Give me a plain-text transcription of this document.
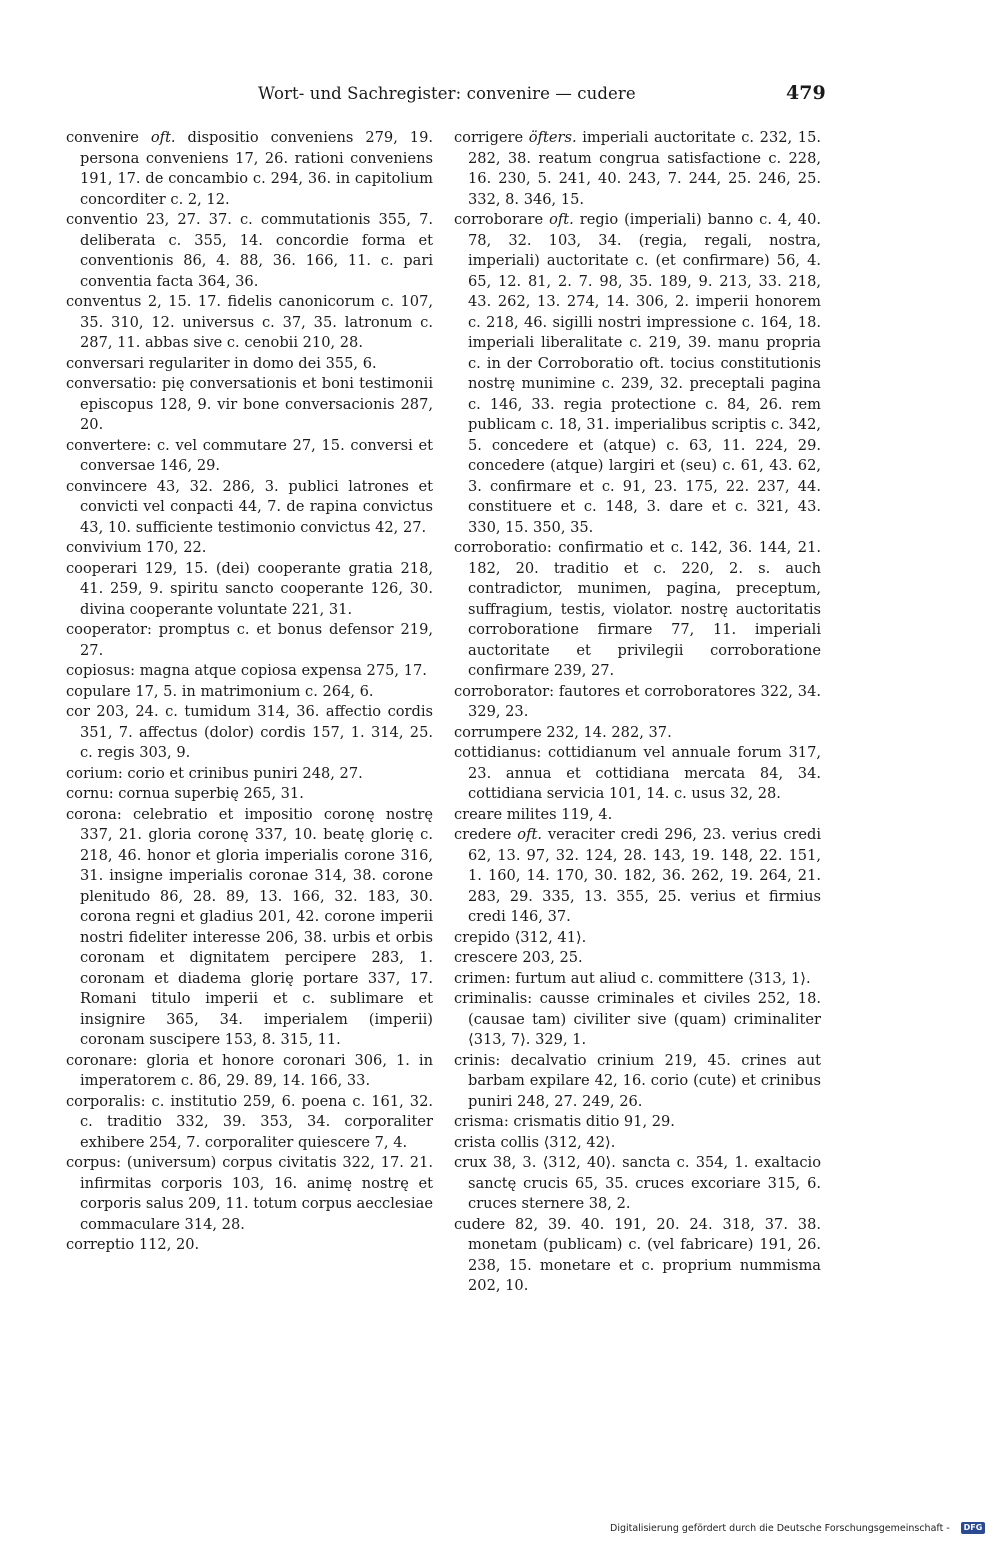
Wort- und Sachregister: convenire — cudere	479

convenire oft. dispositio conveniens 279, 19. persona conveniens 17, 26. rationi conveniens 191, 17. de concambio c. 294, 36. in capitolium concorditer c. 2, 12.

conventio 23, 27. 37. c. commutationis 355, 7. deliberata c. 355, 14. concordie forma et conventionis 86, 4. 88, 36. 166, 11. c. pari conventia facta 364, 36.

conventus 2, 15. 17. fidelis canonicorum c. 107, 35. 310, 12. universus c. 37, 35. latronum c. 287, 11. abbas sive c. cenobii 210, 28.

conversari regulariter in domo dei 355, 6.

conversatio: pię conversationis et boni testimonii episcopus 128, 9. vir bone conversacionis 287, 20.

convertere: c. vel commutare 27, 15. conversi et conversae 146, 29.

convincere 43, 32. 286, 3. publici latrones et convicti vel conpacti 44, 7. de rapina convictus 43, 10. sufficiente testimonio convictus 42, 27.

convivium 170, 22.

cooperari 129, 15. (dei) cooperante gratia 218, 41. 259, 9. spiritu sancto cooperante 126, 30. divina cooperante voluntate 221, 31.

cooperator: promptus c. et bonus defensor 219, 27.

copiosus: magna atque copiosa expensa 275, 17.

copulare 17, 5. in matrimonium c. 264, 6.

cor 203, 24. c. tumidum 314, 36. affectio cordis 351, 7. affectus (dolor) cordis 157, 1. 314, 25. c. regis 303, 9.

corium: corio et crinibus puniri 248, 27.

cornu: cornua superbię 265, 31.

corona: celebratio et impositio coronę nostrę 337, 21. gloria coronę 337, 10. beatę glorię c. 218, 46. honor et gloria imperialis corone 316, 31. insigne imperialis coronae 314, 38. corone plenitudo 86, 28. 89, 13. 166, 32. 183, 30. corona regni et gladius 201, 42. corone imperii nostri fideliter interesse 206, 38. urbis et orbis coronam et dignitatem percipere 283, 1. coronam et diadema glorię portare 337, 17. Romani titulo imperii et c. sublimare et insignire 365, 34. imperialem (imperii) coronam suscipere 153, 8. 315, 11.

coronare: gloria et honore coronari 306, 1. in imperatorem c. 86, 29. 89, 14. 166, 33.

corporalis: c. institutio 259, 6. poena c. 161, 32. c. traditio 332, 39. 353, 34. corporaliter exhibere 254, 7. corporaliter quiescere 7, 4.

corpus: (universum) corpus civitatis 322, 17. 21. infirmitas corporis 103, 16. animę nostrę et corporis salus 209, 11. totum corpus aecclesiae commaculare 314, 28.

correptio 112, 20.

corrigere öfters. imperiali auctoritate c. 232, 15. 282, 38. reatum congrua satisfactione c. 228, 16. 230, 5. 241, 40. 243, 7. 244, 25. 246, 25. 332, 8. 346, 15.

corroborare oft. regio (imperiali) banno c. 4, 40. 78, 32. 103, 34. (regia, regali, nostra, imperiali) auctoritate c. (et confirmare) 56, 4. 65, 12. 81, 2. 7. 98, 35. 189, 9. 213, 33. 218, 43. 262, 13. 274, 14. 306, 2. imperii honorem c. 218, 46. sigilli nostri impressione c. 164, 18. imperiali liberalitate c. 219, 39. manu propria c. in der Corroboratio oft. tocius constitutionis nostrę munimine c. 239, 32. preceptali pagina c. 146, 33. regia protectione c. 84, 26. rem publicam c. 18, 31. imperialibus scriptis c. 342, 5. concedere et (atque) c. 63, 11. 224, 29. concedere (atque) largiri et (seu) c. 61, 43. 62, 3. confirmare et c. 91, 23. 175, 22. 237, 44. constituere et c. 148, 3. dare et c. 321, 43. 330, 15. 350, 35.

corroboratio: confirmatio et c. 142, 36. 144, 21. 182, 20. traditio et c. 220, 2. s. auch contradictor, munimen, pagina, preceptum, suffragium, testis, violator. nostrę auctoritatis corroboratione firmare 77, 11. imperiali auctoritate et privilegii corroboratione confirmare 239, 27.

corroborator: fautores et corroboratores 322, 34. 329, 23.

corrumpere 232, 14. 282, 37.

cottidianus: cottidianum vel annuale forum 317, 23. annua et cottidiana mercata 84, 34. cottidiana servicia 101, 14. c. usus 32, 28.

creare milites 119, 4.

credere oft. veraciter credi 296, 23. verius credi 62, 13. 97, 32. 124, 28. 143, 19. 148, 22. 151, 1. 160, 14. 170, 30. 182, 36. 262, 19. 264, 21. 283, 29. 335, 13. 355, 25. verius et firmius credi 146, 37.

crepido ⟨312, 41⟩.

crescere 203, 25.

crimen: furtum aut aliud c. committere ⟨313, 1⟩.

criminalis: causse criminales et civiles 252, 18. (causae tam) civiliter sive (quam) criminaliter ⟨313, 7⟩. 329, 1.

crinis: decalvatio crinium 219, 45. crines aut barbam expilare 42, 16. corio (cute) et crinibus puniri 248, 27. 249, 26.

crisma: crismatis ditio 91, 29.

crista collis ⟨312, 42⟩.

crux 38, 3. ⟨312, 40⟩. sancta c. 354, 1. exaltacio sanctę crucis 65, 35. cruces excoriare 315, 6. cruces sternere 38, 2.

cudere 82, 39. 40. 191, 20. 24. 318, 37. 38. monetam (publicam) c. (vel fabricare) 191, 26. 238, 15. monetare et c. proprium nummisma 202, 10.

Digitalisierung gefördert durch die Deutsche Forschungsgemeinschaft -	DFG
